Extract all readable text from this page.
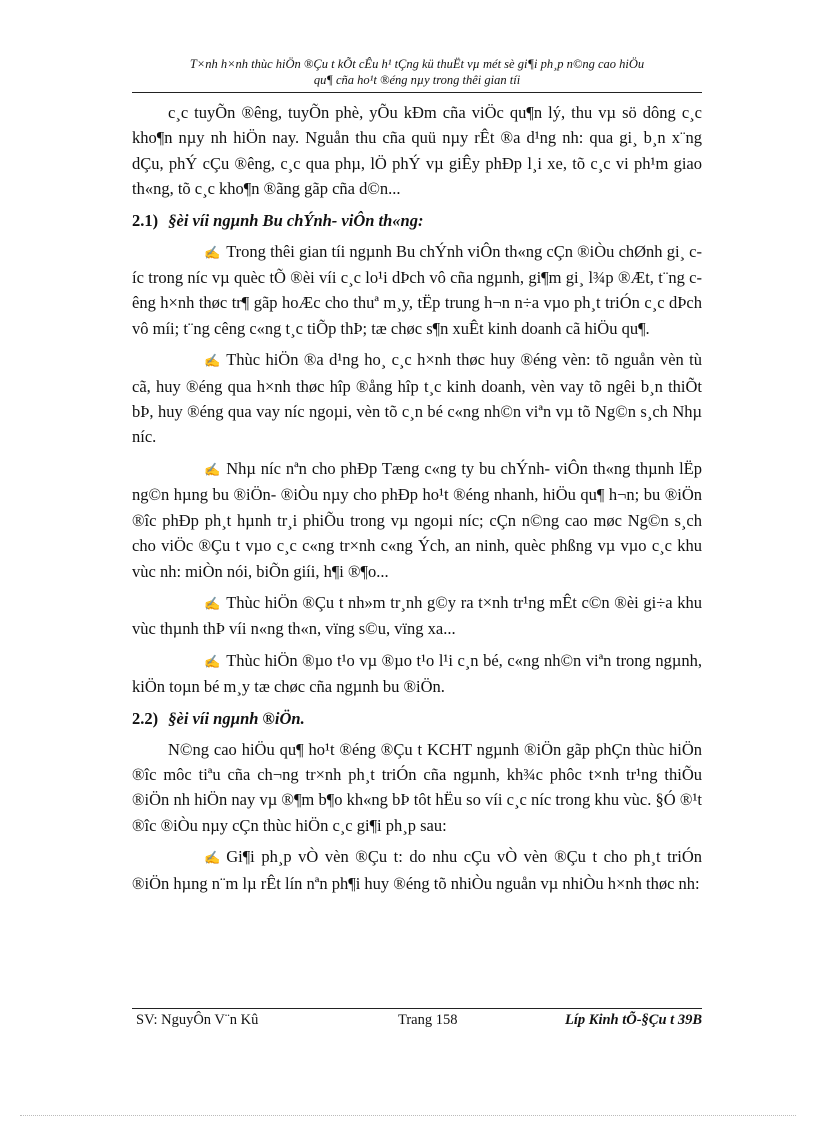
T×nh h×nh thùc hiÖn ®Çu t kÕt cÊu h¹ tÇng kü thuËt vµ mét sè gi¶i ph¸p n©ng cao hiÖu
qu¶ cña ho¹t ®éng nµy trong thêi gian tíi

c¸c tuyÕn ®êng, tuyÕn phè, yÕu kÐm cña viÖc qu¶n lý, thu vµ sö dông c¸c kho¶n nµy nh hiÖn nay. Nguån thu cña quü nµy rÊt ®a d¹ng nh: qua gi¸ b¸n x¨ng dÇu, phÝ cÇu ®êng, c¸c qua phµ, lÖ phÝ vµ giÊy phÐp l¸i xe, tõ c¸c vi ph¹m giao th«ng, tõ c¸c kho¶n ®ãng gãp cña d©n...

2.1) §èi víi ngµnh Bu chÝnh- viÔn th«ng:

✍ Trong thêi gian tíi ngµnh Bu chÝnh viÔn th«ng cÇn ®iÒu chØnh gi¸ cíc trong níc vµ quèc tÕ ®èi víi c¸c lo¹i dÞch vô cña ngµnh, gi¶m gi¸ l¾p ®Æt, t¨ng cêng h×nh thøc tr¶ gãp hoÆc cho thuª m¸y, tËp trung h¬n n÷a vµo ph¸t triÓn c¸c dÞch vô míi; t¨ng cêng c«ng t¸c tiÕp thÞ; tæ chøc s¶n xuÊt kinh doanh cã hiÖu qu¶.

✍ Thùc hiÖn ®a d¹ng ho¸ c¸c h×nh thøc huy ®éng vèn: tõ nguån vèn tù cã, huy ®éng qua h×nh thøc hîp ®ång hîp t¸c kinh doanh, vèn vay tõ ngêi b¸n thiÕt bÞ, huy ®éng qua vay níc ngoµi, vèn tõ c¸n bé c«ng nh©n viªn vµ tõ Ng©n s¸ch Nhµ níc.

✍ Nhµ níc nªn cho phÐp Tæng c«ng ty bu chÝnh- viÔn th«ng thµnh lËp ng©n hµng bu ®iÖn- ®iÒu nµy cho phÐp ho¹t ®éng nhanh, hiÖu qu¶ h¬n; bu ®iÖn ®îc phÐp ph¸t hµnh tr¸i phiÕu trong vµ ngoµi níc; cÇn n©ng cao møc Ng©n s¸ch cho viÖc ®Çu t vµo c¸c c«ng tr×nh c«ng Ých, an ninh, quèc phßng vµ vµo c¸c khu vùc nh: miÒn nói, biÕn giíi, h¶i ®¶o...

✍ Thùc hiÖn ®Çu t nh»m tr¸nh g©y ra t×nh tr¹ng mÊt c©n ®èi gi÷a khu vùc thµnh thÞ víi n«ng th«n, vïng s©u, vïng xa...

✍ Thùc hiÖn ®µo t¹o vµ ®µo t¹o l¹i c¸n bé, c«ng nh©n viªn trong ngµnh, kiÖn toµn bé m¸y tæ chøc cña ngµnh bu ®iÖn.

2.2) §èi víi ngµnh ®iÖn.

N©ng cao hiÖu qu¶ ho¹t ®éng ®Çu t KCHT ngµnh ®iÖn gãp phÇn thùc hiÖn ®îc môc tiªu cña ch¬ng tr×nh ph¸t triÓn cña ngµnh, kh¾c phôc t×nh tr¹ng thiÕu ®iÖn nh hiÖn nay vµ ®¶m b¶o kh«ng bÞ tôt hËu so víi c¸c níc trong khu vùc. §Ó ®¹t ®îc ®iÒu nµy cÇn thùc hiÖn c¸c gi¶i ph¸p sau:

✍ Gi¶i ph¸p vÒ vèn ®Çu t: do nhu cÇu vÒ vèn ®Çu t cho ph¸t triÓn ®iÖn hµng n¨m lµ rÊt lín nªn ph¶i huy ®éng tõ nhiÒu nguån vµ nhiÒu h×nh thøc nh:

SV: NguyÔn V¨n Kû	Trang 158	Líp Kinh tÕ-§Çu t 39B
